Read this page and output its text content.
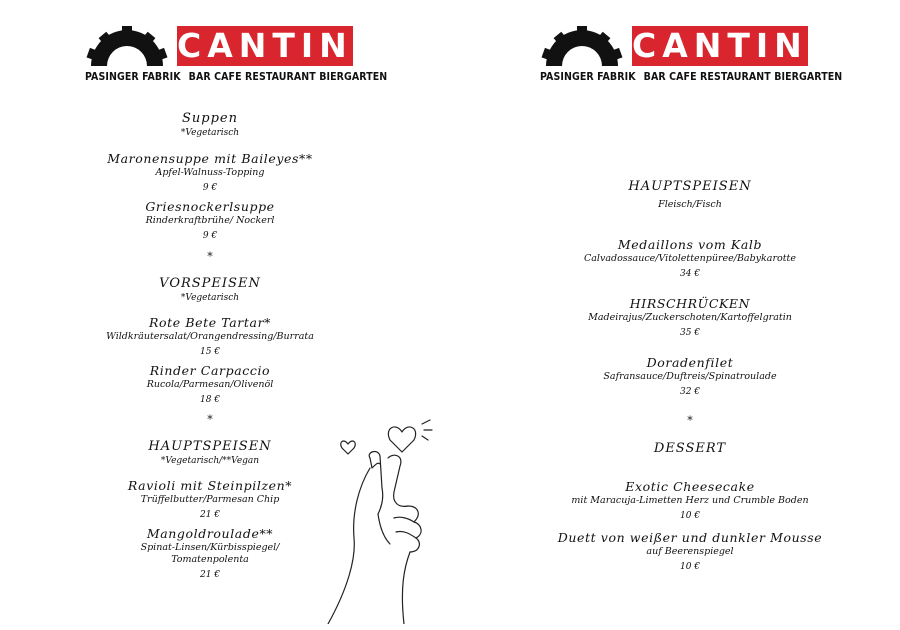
CANTINA
PASINGER FABRIK BAR CAFE RESTAURANT BIERGARTEN
Suppen
*Vegetarisch
Maronensuppe mit Baileyes**
Apfel-Walnuss-Topping
9 €
Griesnockerlsuppe
Rinderkraftbrühe/ Nockerl
9 €
*
VORSPEISEN
*Vegetarisch
Rote Bete Tartar*
Wildkräutersalat/Orangendressing/Burrata
15 €
Rinder Carpaccio
Rucola/Parmesan/Olivenöl
18 €
*
HAUPTSPEISEN
*Vegetarisch/**Vegan
Ravioli mit Steinpilzen*
Trüffelbutter/Parmesan Chip
21 €
Mangoldroulade**
Spinat-Linsen/Kürbisspiegel/
Tomatenpolenta
21 €
CANTINA
PASINGER FABRIK BAR CAFE RESTAURANT BIERGARTEN
HAUPTSPEISEN
Fleisch/Fisch
Medaillons vom Kalb
Calvadossauce/Vitolettenpüree/Babykarotte
34 €
HIRSCHRÜCKEN
Madeirajus/Zuckerschoten/Kartoffelgratin
35 €
Doradenfilet
Safransauce/Duftreis/Spinatroulade
32 €
*
DESSERT
Exotic Cheesecake
mit Maracuja-Limetten Herz und Crumble Boden
10 €
Duett von weißer und dunkler Mousse
auf Beerenspiegel
10 €
